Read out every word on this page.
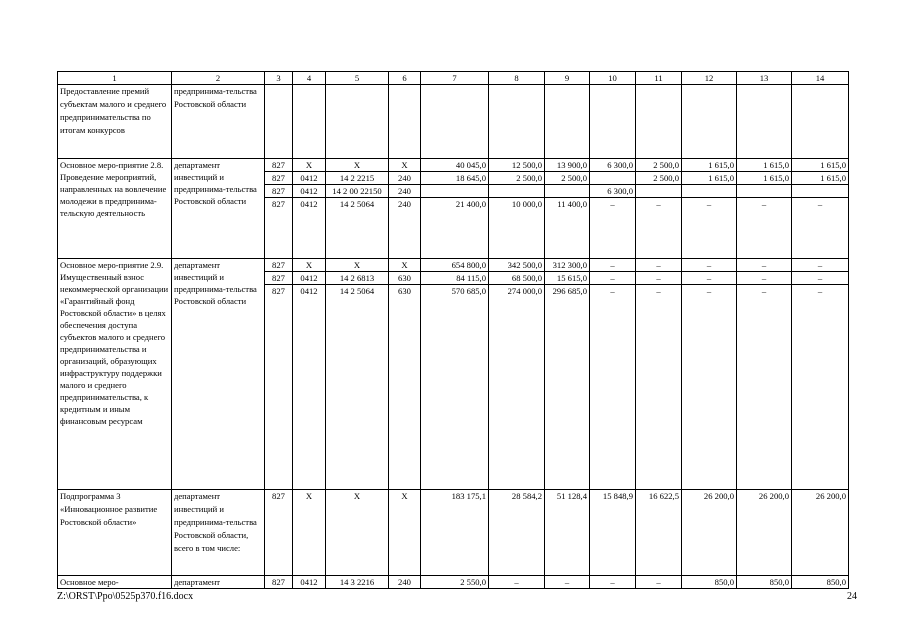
1	2	3	4	5	6	7	8	9	10	11	12	13	14
Предоставление премий субъектам малого и среднего предпринимательства по итогам конкурсов	предпринима-тельства Ростовской области												
Основное меро-приятие 2.8. Проведение мероприятий, направленных на вовлечение молодежи в предпринима-тельскую деятельность	департамент инвестиций и предпринима-тельства Ростовской области	827	Х	Х	Х	40 045,0	12 500,0	13 900,0	6 300,0	2 500,0	1 615,0	1 615,0	1 615,0
		827	0412	14 2 2215	240	18 645,0	2 500,0	2 500,0		2 500,0	1 615,0	1 615,0	1 615,0
		827	0412	14 2 00 22150	240				6 300,0				
		827	0412	14 2 5064	240	21 400,0	10 000,0	11 400,0	–	–	–	–	–
Основное меро-приятие 2.9. Имущественный взнос некоммерческой организации «Гарантийный фонд Ростовской области» в целях обеспечения доступа субъектов малого и среднего предпринимательства и организаций, образующих инфраструктуру поддержки малого и среднего предпринимательства, к кредитным и иным финансовым ресурсам	департамент инвестиций и предпринима-тельства Ростовской области	827	Х	Х	Х	654 800,0	342 500,0	312 300,0	–	–	–	–	–
		827	0412	14 2 6813	630	84 115,0	68 500,0	15 615,0	–	–	–	–	–
		827	0412	14 2 5064	630	570 685,0	274 000,0	296 685,0	–	–	–	–	–
Подпрограмма 3 «Инновационное развитие Ростовской области»	департамент инвестиций и предпринима-тельства Ростовской области, всего в том числе:	827	Х	Х	Х	183 175,1	28 584,2	51 128,4	15 848,9	16 622,5	26 200,0	26 200,0	26 200,0
Основное меро-	департамент	827	0412	14 3 2216	240	2 550,0	–	–	–	–	850,0	850,0	850,0
Z:\ORST\Ppo\0525p370.f16.docx	24
